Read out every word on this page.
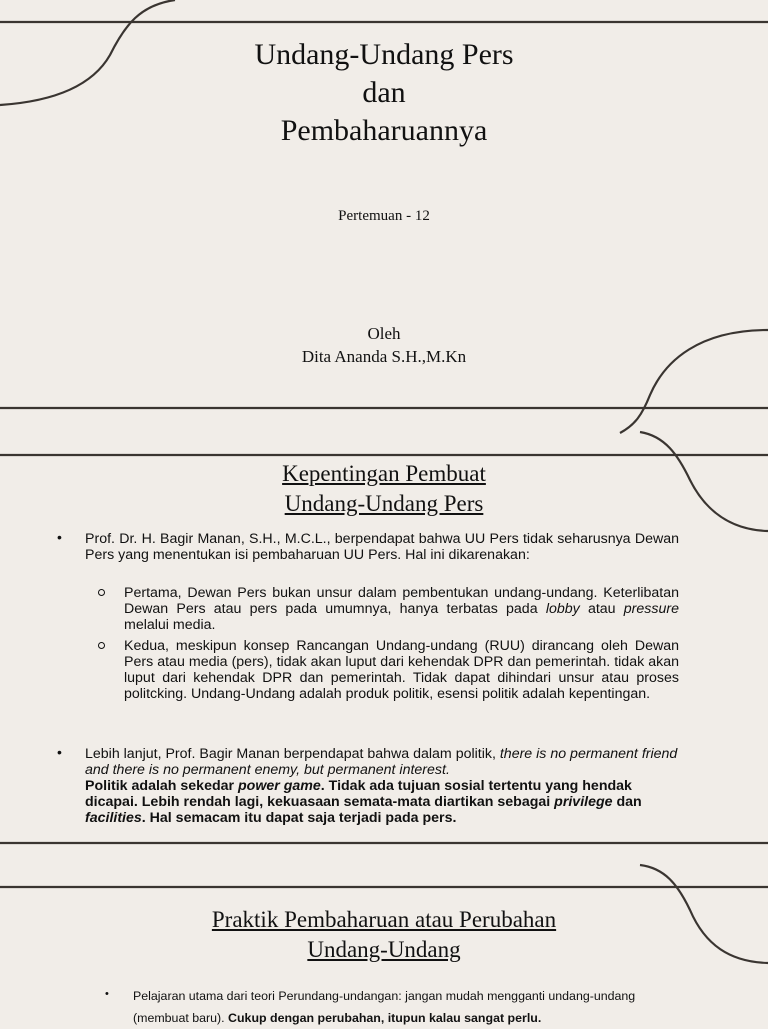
Undang-Undang Pers
dan
Pembaharuannya
Pertemuan - 12
Oleh
Dita Ananda S.H.,M.Kn
Kepentingan Pembuat
Undang-Undang Pers
• Prof. Dr. H. Bagir Manan, S.H., M.C.L., berpendapat bahwa UU Pers tidak seharusnya Dewan Pers yang menentukan isi pembaharuan UU Pers. Hal ini dikarenakan:
Pertama, Dewan Pers bukan unsur dalam pembentukan undang-undang. Keterlibatan Dewan Pers atau pers pada umumnya, hanya terbatas pada lobby atau pressure melalui media.
Kedua, meskipun konsep Rancangan Undang-undang (RUU) dirancang oleh Dewan Pers atau media (pers), tidak akan luput dari kehendak DPR dan pemerintah. tidak akan luput dari kehendak DPR dan pemerintah. Tidak dapat dihindari unsur atau proses politcking. Undang-Undang adalah produk politik, esensi politik adalah kepentingan.
• Lebih lanjut, Prof. Bagir Manan berpendapat bahwa dalam politik, there is no permanent friend and there is no permanent enemy, but permanent interest.
Politik adalah sekedar power game. Tidak ada tujuan sosial tertentu yang hendak dicapai. Lebih rendah lagi, kekuasaan semata-mata diartikan sebagai privilege dan facilities. Hal semacam itu dapat saja terjadi pada pers.
Praktik Pembaharuan atau Perubahan
Undang-Undang
• Pelajaran utama dari teori Perundang-undangan: jangan mudah mengganti undang-undang (membuat baru). Cukup dengan perubahan, itupun kalau sangat perlu.
